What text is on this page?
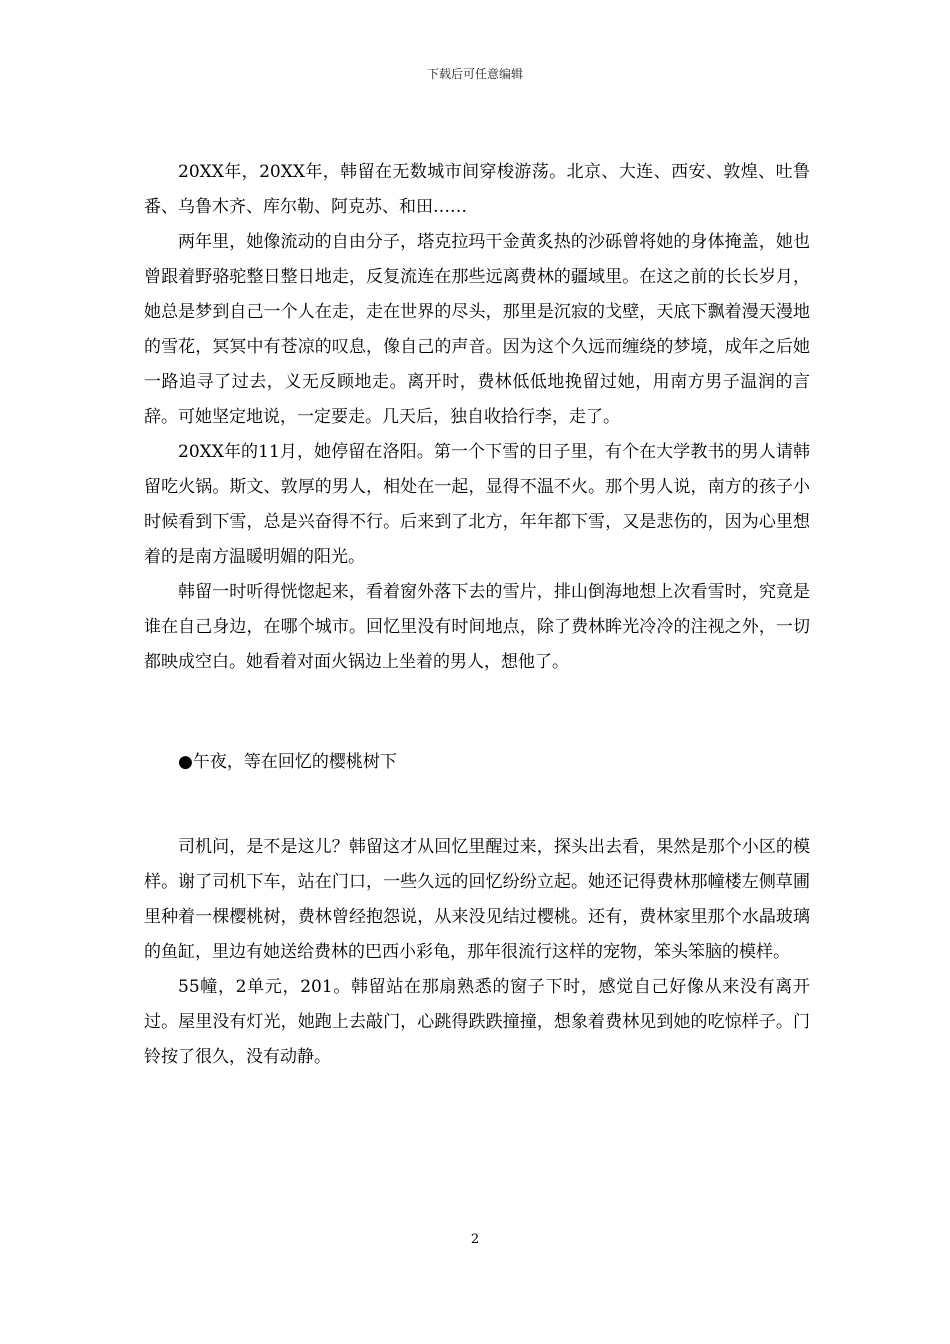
下载后可任意编辑

20XX年，20XX年，韩留在无数城市间穿梭游荡。北京、大连、西安、敦煌、吐鲁番、乌鲁木齐、库尔勒、阿克苏、和田……

两年里，她像流动的自由分子，塔克拉玛干金黄炙热的沙砾曾将她的身体掩盖，她也曾跟着野骆驼整日整日地走，反复流连在那些远离费林的疆域里。在这之前的长长岁月，她总是梦到自己一个人在走，走在世界的尽头，那里是沉寂的戈壁，天底下飘着漫天漫地的雪花，冥冥中有苍凉的叹息，像自己的声音。因为这个久远而缠绕的梦境，成年之后她一路追寻了过去，义无反顾地走。离开时，费林低低地挽留过她，用南方男子温润的言辞。可她坚定地说，一定要走。几天后，独自收拾行李，走了。

20XX年的11月，她停留在洛阳。第一个下雪的日子里，有个在大学教书的男人请韩留吃火锅。斯文、敦厚的男人，相处在一起，显得不温不火。那个男人说，南方的孩子小时候看到下雪，总是兴奋得不行。后来到了北方，年年都下雪，又是悲伤的，因为心里想着的是南方温暖明媚的阳光。

韩留一时听得恍惚起来，看着窗外落下去的雪片，排山倒海地想上次看雪时，究竟是谁在自己身边，在哪个城市。回忆里没有时间地点，除了费林眸光冷冷的注视之外，一切都映成空白。她看着对面火锅边上坐着的男人，想他了。

●午夜，等在回忆的樱桃树下

司机问，是不是这儿？韩留这才从回忆里醒过来，探头出去看，果然是那个小区的模样。谢了司机下车，站在门口，一些久远的回忆纷纷立起。她还记得费林那幢楼左侧草圃里种着一棵樱桃树，费林曾经抱怨说，从来没见结过樱桃。还有，费林家里那个水晶玻璃的鱼缸，里边有她送给费林的巴西小彩龟，那年很流行这样的宠物，笨头笨脑的模样。

55幢，2单元，201。韩留站在那扇熟悉的窗子下时，感觉自己好像从来没有离开过。屋里没有灯光，她跑上去敲门，心跳得跌跌撞撞，想象着费林见到她的吃惊样子。门铃按了很久，没有动静。

2
